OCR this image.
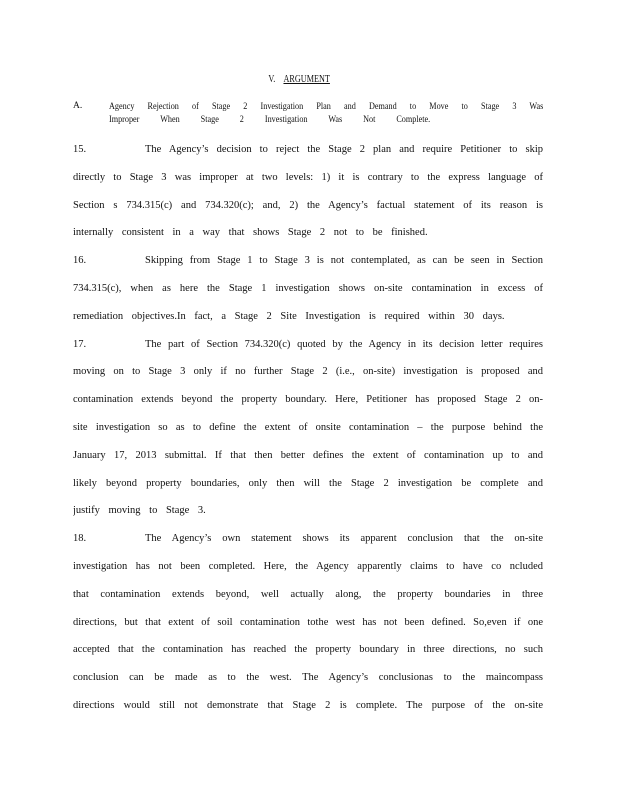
V. ARGUMENT
A.	Agency Rejection of Stage 2 Investigation Plan and Demand to Move to Stage 3 Was
Improper When Stage 2 Investigation Was Not Complete.
15.	The Agency’s decision to reject the Stage 2 plan and require Petitioner to skip
directly to Stage 3 was improper at two levels: 1) it is contrary to the express language of
Section s 734.315(c) and 734.320(c); and, 2) the Agency’s factual statement of its reason is
internally consistent in a way that shows Stage 2 not to be finished.
16.	Skipping from Stage 1 to Stage 3 is not contemplated, as can be seen in Section
734.315(c), when as here the Stage 1 investigation shows on-site contamination in excess of
remediation objectives.In fact, a Stage 2 Site Investigation is required within 30 days.
17.	The part of Section 734.320(c) quoted by the Agency in its decision letter requires
moving on to Stage 3 only if no further Stage 2 (i.e., on-site) investigation is proposed and
contamination extends beyond the property boundary. Here, Petitioner has proposed Stage 2 on-
site investigation so as to define the extent of onsite contamination – the purpose behind the
January 17, 2013 submittal. If that then better defines the extent of contamination up to and
likely beyond property boundaries, only then will the Stage 2 investigation be complete and
justify moving to Stage 3.
18.	The Agency’s own statement shows its apparent conclusion that the on-site
investigation has not been completed. Here, the Agency apparently claims to have co ncluded
that contamination extends beyond, well actually along, the property boundaries in three
directions, but that extent of soil contamination tothe west has not been defined. So,even if one
accepted that the contamination has reached the property boundary in three directions, no such
conclusion can be made as to the west. The Agency’s conclusionas to the maincompass
directions would still not demonstrate that Stage 2 is complete. The purpose of the on-site
